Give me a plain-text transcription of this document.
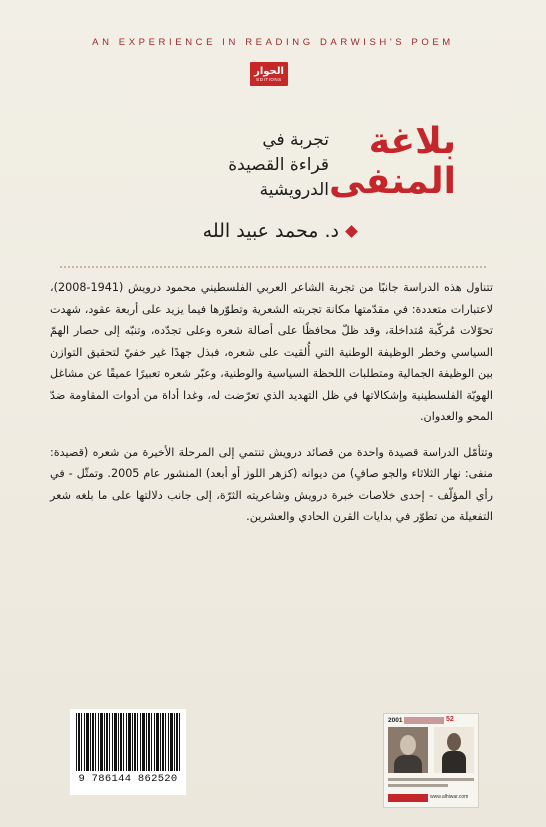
AN EXPERIENCE IN READING DARWISH'S POEM
الحوار
EDITIONS
بلاغة
المنفى
تجربة في
قراءة القصيدة
الدرويشية
د. محمد عبيد الله

تتناول هذه الدراسة جانبًا من تجربة الشاعر العربي الفلسطيني محمود درويش (1941-2008)، لاعتبارات متعددة: في مقدّمتها مكانة تجربته الشعرية وتطوّرها فيما يزيد على أربعة عقود، شهدت تحوّلات مُركّبة مُتداخلة، وقد ظلّ محافظًا على أصالة شعره وعلى تجدّده، وتنبّه إلى حصار الهمّ السياسي وخطر الوظيفة الوطنية التي أُلقيت على شعره، فبذل جهدًا غير خفيّ لتحقيق التوازن بين الوظيفة الجمالية ومتطلبات اللحظة السياسية والوطنية، وعبّر شعره تعبيرًا عميقًا عن مشاغل الهويّة الفلسطينية وإشكالاتها في ظل التهديد الذي تعرّضت له، وغدا أداة من أدوات المقاومة ضدّ المحو والعدوان.

وتتأمّل الدراسة قصيدة واحدة من قصائد درويش تنتمي إلى المرحلة الأخيرة من شعره (قصيدة: منفى: نهار الثلاثاء والجو صافٍ) من ديوانه (كزهر اللوز أو أبعد) المنشور عام 2005. وتمثّل - في رأي المؤلّف - إحدى خلاصات خبرة درويش وشاعريته الثرّة، إلى جانب دلالتها على ما بلغه شعر التفعيلة من تطوّر في بدايات القرن الحادي والعشرين.

9 786144 862520
2001	52
www.alhiwar.com
